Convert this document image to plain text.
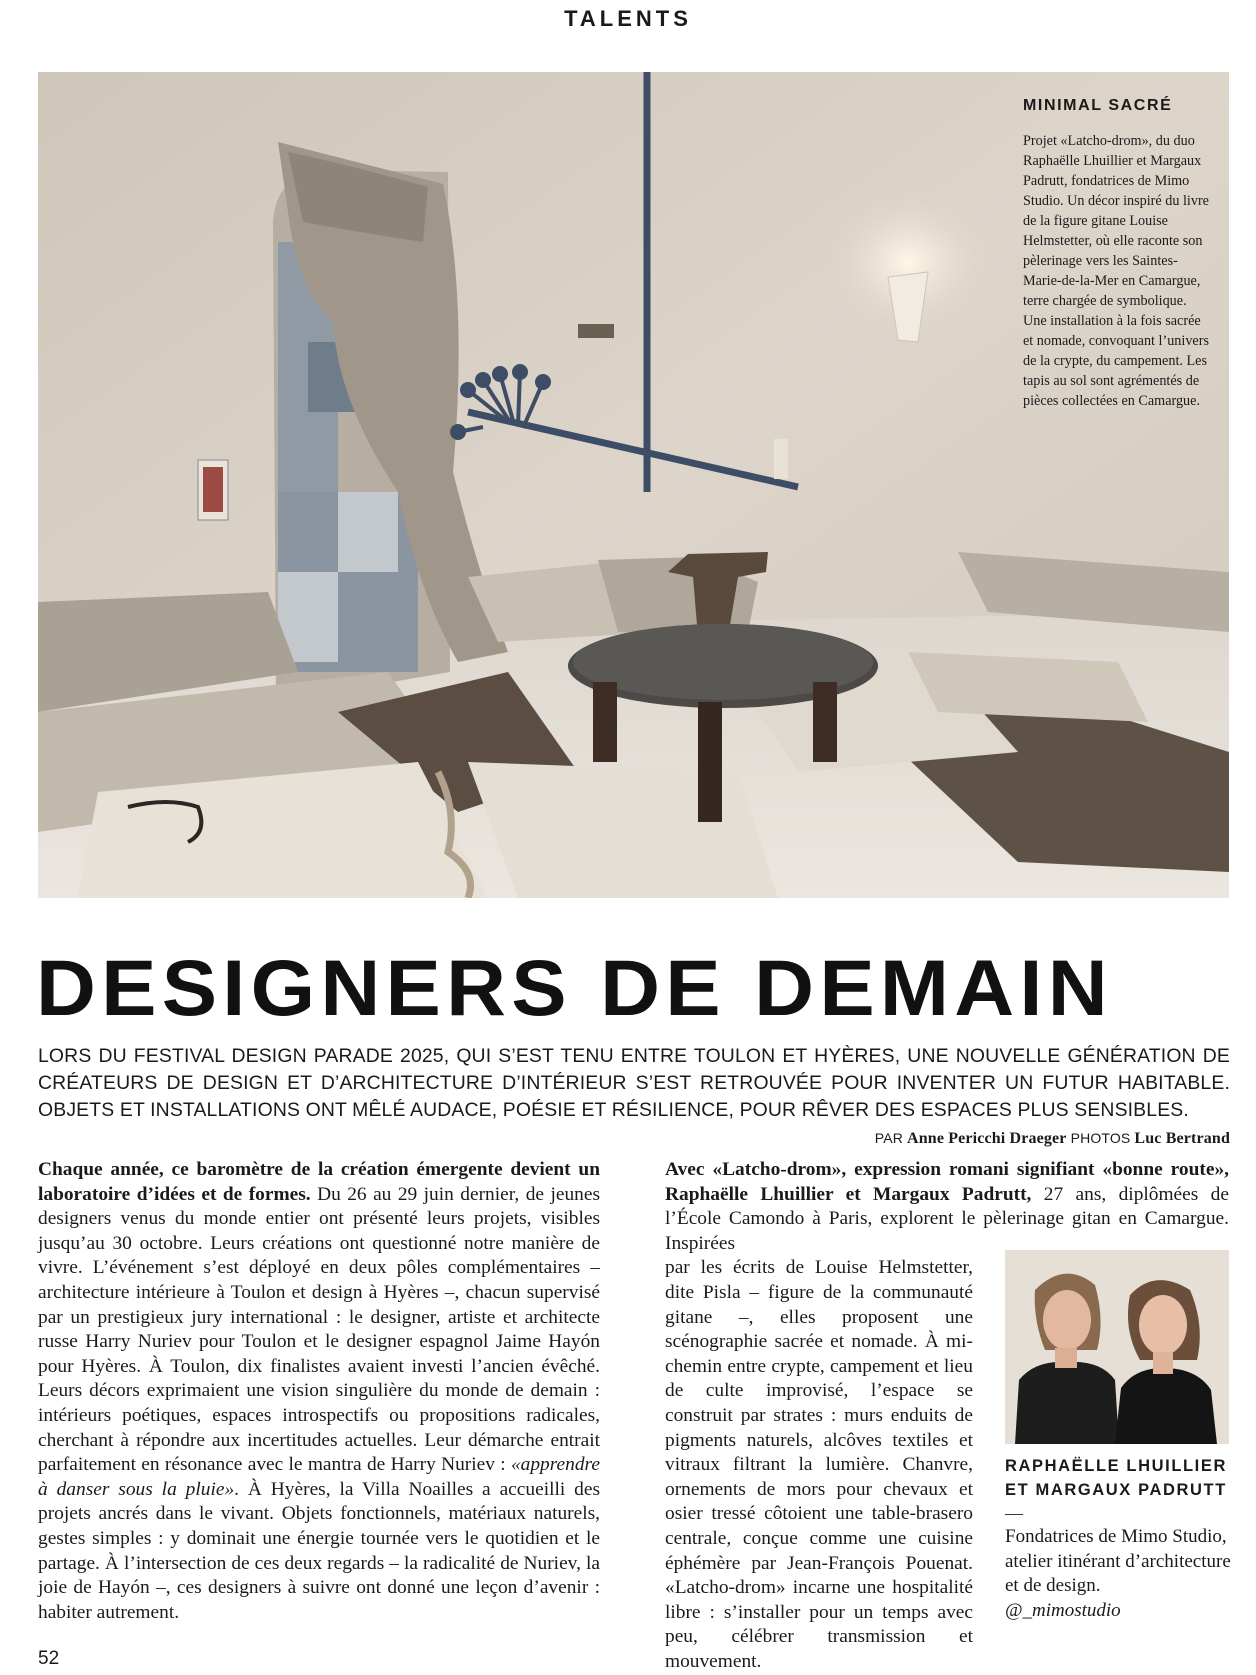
TALENTS
MINIMAL SACRÉ
Projet «Latcho-drom», du duo Raphaëlle Lhuillier et Margaux Padrutt, fondatrices de Mimo Studio. Un décor inspiré du livre de la figure gitane Louise Helmstetter, où elle raconte son pèlerinage vers les Saintes-Marie-de-la-Mer en Camargue, terre chargée de symbolique. Une installation à la fois sacrée et nomade, convoquant l’univers de la crypte, du campement. Les tapis au sol sont agrémentés de pièces collectées en Camargue.
DESIGNERS DE DEMAIN
LORS DU FESTIVAL DESIGN PARADE 2025, QUI S’EST TENU ENTRE TOULON ET HYÈRES, UNE NOUVELLE GÉNÉRATION DE CRÉATEURS DE DESIGN ET D’ARCHITECTURE D’INTÉRIEUR S’EST RETROUVÉE POUR INVENTER UN FUTUR HABITABLE. OBJETS ET INSTALLATIONS ONT MÊLÉ AUDACE, POÉSIE ET RÉSILIENCE, POUR RÊVER DES ESPACES PLUS SENSIBLES.
PAR Anne Pericchi Draeger PHOTOS Luc Bertrand
Chaque année, ce baromètre de la création émergente devient un laboratoire d’idées et de formes. Du 26 au 29 juin dernier, de jeunes designers venus du monde entier ont présenté leurs projets, visibles jusqu’au 30 octobre. Leurs créations ont questionné notre manière de vivre. L’événement s’est déployé en deux pôles complémentaires – architecture intérieure à Toulon et design à Hyères –, chacun supervisé par un prestigieux jury international : le designer, artiste et architecte russe Harry Nuriev pour Toulon et le designer espagnol Jaime Hayón pour Hyères. À Toulon, dix finalistes avaient investi l’ancien évêché. Leurs décors exprimaient une vision singulière du monde de demain : intérieurs poétiques, espaces introspectifs ou propositions radicales, cherchant à répondre aux incertitudes actuelles. Leur démarche entrait parfaitement en résonance avec le mantra de Harry Nuriev : «apprendre à danser sous la pluie». À Hyères, la Villa Noailles a accueilli des projets ancrés dans le vivant. Objets fonctionnels, matériaux naturels, gestes simples : y dominait une énergie tournée vers le quotidien et le partage. À l’intersection de ces deux regards – la radicalité de Nuriev, la joie de Hayón –, ces designers à suivre ont donné une leçon d’avenir : habiter autrement.
Avec «Latcho-drom», expression romani signifiant «bonne route», Raphaëlle Lhuillier et Margaux Padrutt, 27 ans, diplômées de l’École Camondo à Paris, explorent le pèlerinage gitan en Camargue. Inspirées
par les écrits de Louise Helmstetter, dite Pisla – figure de la communauté gitane –, elles proposent une scénographie sacrée et nomade. À mi-chemin entre crypte, campement et lieu de culte improvisé, l’espace se construit par strates : murs enduits de pigments naturels, alcôves textiles et vitraux filtrant la lumière. Chanvre, ornements de mors pour chevaux et osier tressé côtoient une table-brasero centrale, conçue comme une cuisine éphémère par Jean-François Pouenat. «Latcho-drom» incarne une hospitalité libre : s’installer pour un temps avec peu, célébrer transmission et mouvement.
RAPHAËLLE LHUILLIER ET MARGAUX PADRUTT
—
Fondatrices de Mimo Studio, atelier itinérant d’architecture et de design.
@_mimostudio
52
